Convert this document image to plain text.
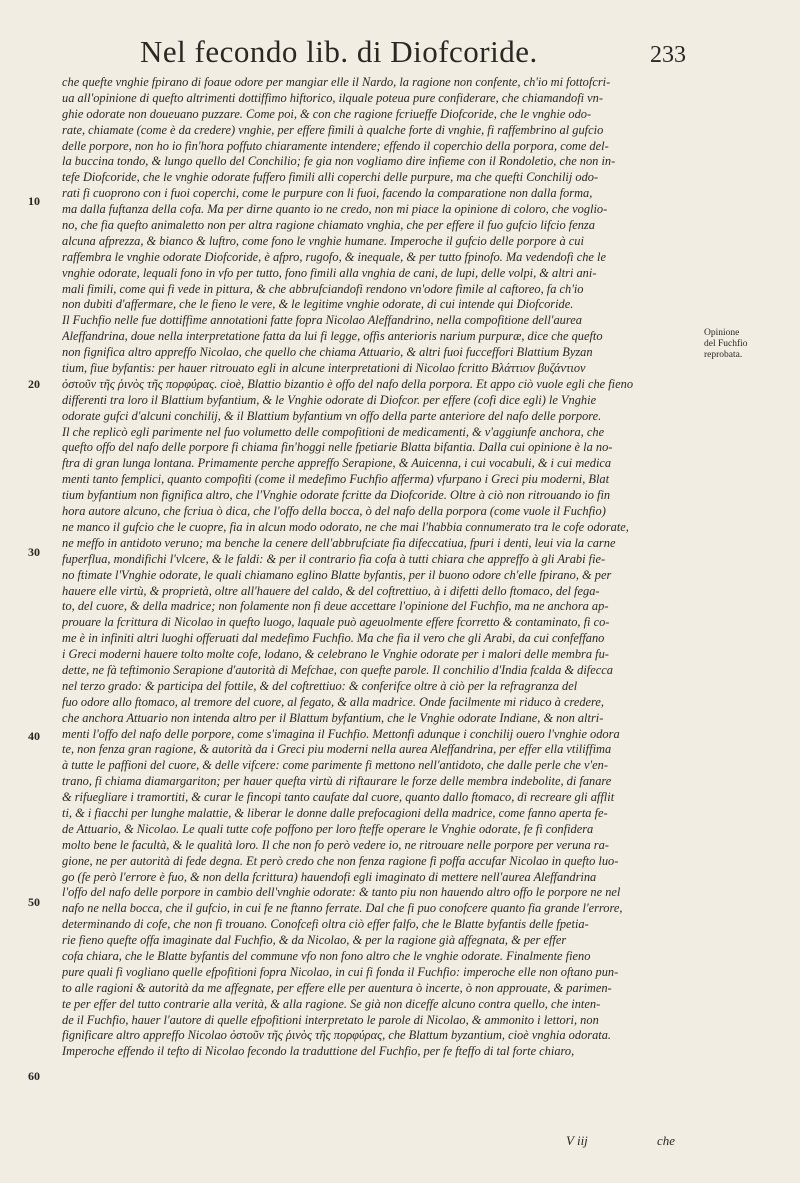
Nel fecondo lib. di Diofcoride.	233
10
20
30
40
50
60
che quefte vnghie fpirano di foaue odore per mangiar elle il Nardo, la ragione non confente, ch'io mi fottofcri-
ua all'opinione di quefto altrimenti dottiffimo hiftorico, ilquale poteua pure confiderare, che chiamandofi vn-
ghie odorate non doueuano puzzare. Come poi, & con che ragione fcriueffe Diofcoride, che le vnghie odo-
rate, chiamate (come è da credere) vnghie, per effere fimili à qualche forte di vnghie, fi raffembrino al gufcio
delle porpore, non ho io fin'hora poffuto chiaramente intendere; effendo il coperchio della porpora, come del-
la buccina tondo, & lungo quello del Conchilio; fe gia non vogliamo dire infieme con il Rondoletio, che non in-
tefe Diofcoride, che le vnghie odorate fuffero fimili alli coperchi delle purpure, ma che quefti Conchilij odo-
rati fi cuoprono con i fuoi coperchi, come le purpure con li fuoi, facendo la comparatione non dalla forma,
ma dalla fuftanza della cofa. Ma per dirne quanto io ne credo, non mi piace la opinione di coloro, che voglio-
no, che fia quefto animaletto non per altra ragione chiamato vnghia, che per effere il fuo gufcio lifcio fenza
alcuna afprezza, & bianco & luftro, come fono le vnghie humane. Imperoche il gufcio delle porpore à cui
raffembra le vnghie odorate Diofcoride, è afpro, rugofo, & inequale, & per tutto fpinofo. Ma vedendofi che le
vnghie odorate, lequali fono in vfo per tutto, fono fimili alla vnghia de cani, de lupi, delle volpi, & altri ani-
mali fimili, come qui fi vede in pittura, & che abbrufciandofi rendono vn'odore fimile al caftoreo, fa ch'io
non dubiti d'affermare, che le fieno le vere, & le legitime vnghie odorate, di cui intende qui Diofcoride.
Il Fuchfio nelle fue dottiffime annotationi fatte fopra Nicolao Aleffandrino, nella compofitione dell'aurea
Aleffandrina, doue nella interpretatione fatta da lui fi legge, offis anterioris narium purpuræ, dice che quefto
non fignifica altro appreffo Nicolao, che quello che chiama Attuario, & altri fuoi fucceffori Blattium Byzan
tium, fiue byfantis: per hauer ritrouato egli in alcune interpretationi di Nicolao fcritto Βλάττιον βυζάντιον
ὀστοῦν τῆς ῥινὸς τῆς πορφύρας. cioè, Blattio bizantio è offo del nafo della porpora. Et appo ciò vuole egli che fieno
differenti tra loro il Blattium byfantium, & le Vnghie odorate di Diofcor. per effere (cofi dice egli) le Vnghie
odorate gufci d'alcuni conchilij, & il Blattium byfantium vn offo della parte anteriore del nafo delle porpore.
Il che replicò egli parimente nel fuo volumetto delle compofitioni de medicamenti, & v'aggiunfe anchora, che
quefto offo del nafo delle porpore fi chiama fin'hoggi nelle fpetiarie Blatta bifantia. Dalla cui opinione è la no-
ftra di gran lunga lontana. Primamente perche appreffo Serapione, & Auicenna, i cui vocabuli, & i cui medica
menti tanto femplici, quanto compofiti (come il medefimo Fuchfio afferma) vfurpano i Greci piu moderni, Blat
tium byfantium non fignifica altro, che l'Vnghie odorate fcritte da Diofcoride. Oltre à ciò non ritrouando io fin
hora autore alcuno, che fcriua ò dica, che l'offo della bocca, ò del nafo della porpora (come vuole il Fuchfio)
ne manco il gufcio che le cuopre, fia in alcun modo odorato, ne che mai l'habbia connumerato tra le cofe odorate,
ne meffo in antidoto veruno; ma benche la cenere dell'abbrufciate fia difeccatiua, fpuri i denti, leui via la carne
fuperflua, mondifichi l'vlcere, & le faldi: & per il contrario fia cofa à tutti chiara che appreffo à gli Arabi fie-
no ftimate l'Vnghie odorate, le quali chiamano eglino Blatte byfantis, per il buono odore ch'elle fpirano, & per
hauere elle virtù, & proprietà, oltre all'hauere del caldo, & del coftrettiuo, à i difetti dello ftomaco, del fega-
to, del cuore, & della madrice; non folamente non fi deue accettare l'opinione del Fuchfio, ma ne anchora ap-
prouare la fcrittura di Nicolao in quefto luogo, laquale può ageuolmente effere fcorretto & contaminato, fi co-
me è in infiniti altri luoghi offeruati dal medefimo Fuchfio. Ma che fia il vero che gli Arabi, da cui confeffano
i Greci moderni hauere tolto molte cofe, lodano, & celebrano le Vnghie odorate per i malori delle membra fu-
dette, ne fà teftimonio Serapione d'autorità di Mefchae, con quefte parole. Il conchilio d'India fcalda & difecca
nel terzo grado: & participa del fottile, & del coftrettiuo: & conferifce oltre à ciò per la refragranza del
fuo odore allo ftomaco, al tremore del cuore, al fegato, & alla madrice. Onde facilmente mi riduco à credere,
che anchora Attuario non intenda altro per il Blattum byfantium, che le Vnghie odorate Indiane, & non altri-
menti l'offo del nafo delle porpore, come s'imagina il Fuchfio. Mettonfi adunque i conchilij ouero l'vnghie odora
te, non fenza gran ragione, & autorità da i Greci piu moderni nella aurea Aleffandrina, per effer ella vtiliffima
à tutte le paffioni del cuore, & delle vifcere: come parimente fi mettono nell'antidoto, che dalle perle che v'en-
trano, fi chiama diamargariton; per hauer quefta virtù di riftaurare le forze delle membra indebolite, di fanare
& rifuegliare i tramortiti, & curar le fincopi tanto caufate dal cuore, quanto dallo ftomaco, di recreare gli afflit
ti, & i fiacchi per lunghe malattie, & liberar le donne dalle prefocagioni della madrice, come fanno aperta fe-
de Attuario, & Nicolao. Le quali tutte cofe poffono per loro fteffe operare le Vnghie odorate, fe fi confidera
molto bene le facultà, & le qualità loro. Il che non fo però vedere io, ne ritrouare nelle porpore per veruna ra-
gione, ne per autorità di fede degna. Et però credo che non fenza ragione fi poffa accufar Nicolao in quefto luo-
go (fe però l'errore è fuo, & non della fcrittura) hauendofi egli imaginato di mettere nell'aurea Aleffandrina
l'offo del nafo delle porpore in cambio dell'vnghie odorate: & tanto piu non hauendo altro offo le porpore ne nel
nafo ne nella bocca, che il gufcio, in cui fe ne ftanno ferrate. Dal che fi puo conofcere quanto fia grande l'errore,
determinando di cofe, che non fi trouano. Conofcefi oltra ciò effer falfo, che le Blatte byfantis delle fpetia-
rie fieno quefte offa imaginate dal Fuchfio, & da Nicolao, & per la ragione già affegnata, & per effer
cofa chiara, che le Blatte byfantis del commune vfo non fono altro che le vnghie odorate. Finalmente fieno
pure quali fi vogliano quelle efpofitioni fopra Nicolao, in cui fi fonda il Fuchfio: imperoche elle non oftano pun-
to alle ragioni & autorità da me affegnate, per effere elle per auentura ò incerte, ò non approuate, & parimen-
te per effer del tutto contrarie alla verità, & alla ragione. Se già non diceffe alcuno contra quello, che inten-
de il Fuchfio, hauer l'autore di quelle efpofitioni interpretato le parole di Nicolao, & ammonito i lettori, non
fignificare altro appreffo Nicolao ὀστοῦν τῆς ῥινὸς τῆς πορφύρας, che Blattum byzantium, cioè vnghia odorata.
Imperoche effendo il tefto di Nicolao fecondo la traduttione del Fuchfio, per fe fteffo di tal forte chiaro,
Opinione
del Fuchfio
reprobata.
V iij	che
